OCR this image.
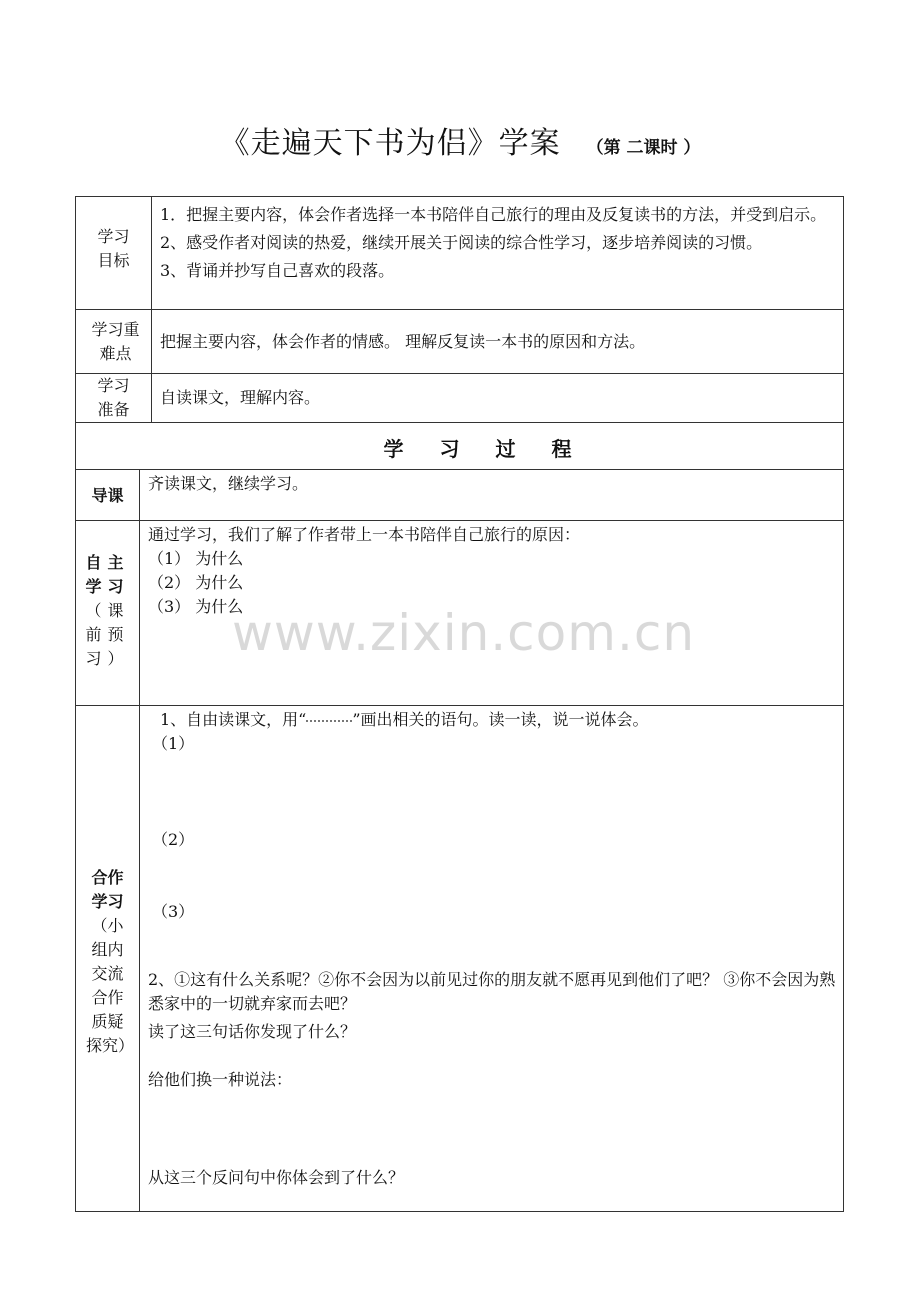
《走遍天下书为侣》学案 （第 二课时 ）
学习目标
1．把握主要内容，体会作者选择一本书陪伴自己旅行的理由及反复读书的方法，并受到启示。
2、感受作者对阅读的热爱，继续开展关于阅读的综合性学习，逐步培养阅读的习惯。
3、背诵并抄写自己喜欢的段落。
学习重难点
把握主要内容，体会作者的情感。 理解反复读一本书的原因和方法。
学习准备
自读课文，理解内容。
学习过程
导课
齐读课文，继续学习。
自主学习（课前预习）
通过学习，我们了解了作者带上一本书陪伴自己旅行的原因：
（1） 为什么
（2） 为什么
（3） 为什么
合作学习（小组内交流合作质疑探究）
1、自由读课文，用“	”画出相关的语句。读一读，说一说体会。
（1）
（2）
（3）
2、①这有什么关系呢？②你不会因为以前见过你的朋友就不愿再见到他们了吧？ ③你不会因为熟悉家中的一切就弃家而去吧？
读了这三句话你发现了什么？
给他们换一种说法：
从这三个反问句中你体会到了什么？
www.zixin.com.cn
